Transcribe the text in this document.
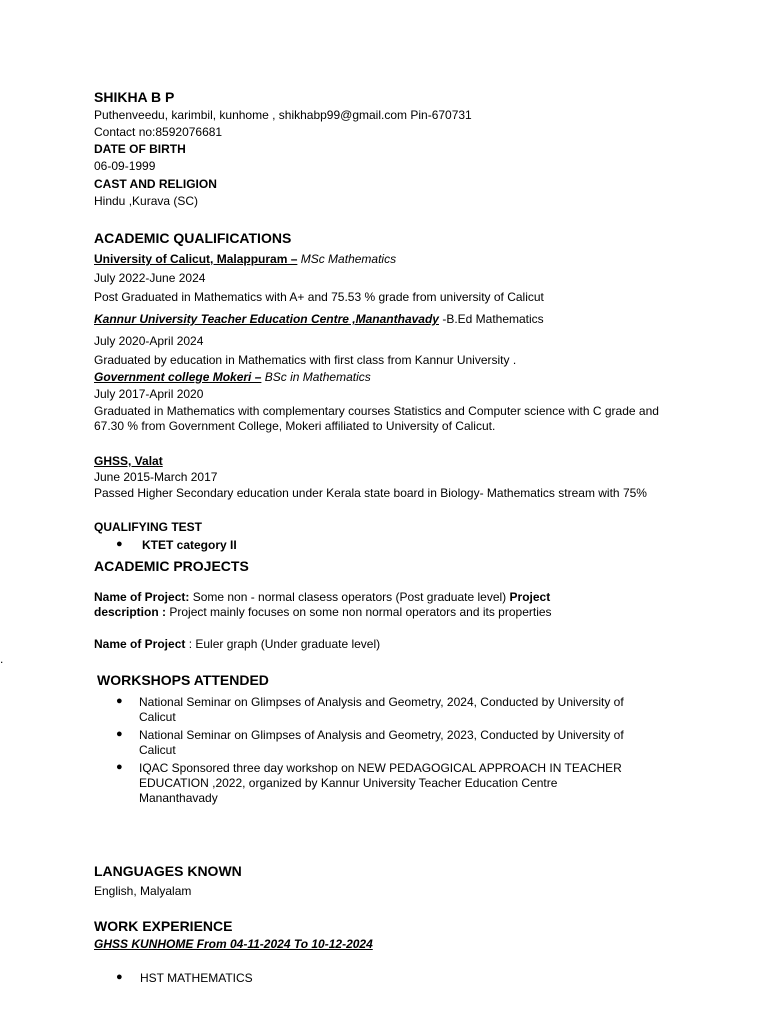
SHIKHA B P
Puthenveedu, karimbil, kunhome , shikhabp99@gmail.com Pin-670731
Contact no:8592076681
DATE OF BIRTH
06-09-1999
CAST AND RELIGION
Hindu ,Kurava (SC)
ACADEMIC QUALIFICATIONS
University of Calicut, Malappuram – MSc Mathematics
July 2022-June 2024
Post Graduated in Mathematics with A+ and 75.53 % grade from university of Calicut
Kannur University Teacher Education Centre ,Mananthavady -B.Ed Mathematics
July 2020-April 2024
Graduated by education in Mathematics with first class from Kannur University .
Government college Mokeri – BSc in Mathematics
July 2017-April 2020
Graduated in Mathematics with complementary courses Statistics and Computer science with C grade and 67.30 % from Government College, Mokeri affiliated to University of Calicut.
GHSS, Valat
June 2015-March 2017
Passed Higher Secondary education under Kerala state board in Biology- Mathematics stream with 75%
QUALIFYING TEST
● KTET category II
ACADEMIC PROJECTS
Name of Project: Some non - normal clasess operators (Post graduate level) Project description : Project mainly focuses on some non normal operators and its properties
Name of Project : Euler graph (Under graduate level)
.
WORKSHOPS ATTENDED
● National Seminar on Glimpses of Analysis and Geometry, 2024, Conducted by University of Calicut
● National Seminar on Glimpses of Analysis and Geometry, 2023, Conducted by University of Calicut
● IQAC Sponsored three day workshop on NEW PEDAGOGICAL APPROACH IN TEACHER EDUCATION ,2022, organized by Kannur University Teacher Education Centre Mananthavady
LANGUAGES KNOWN
English, Malyalam
WORK EXPERIENCE
GHSS KUNHOME From 04-11-2024 To 10-12-2024
● HST MATHEMATICS
